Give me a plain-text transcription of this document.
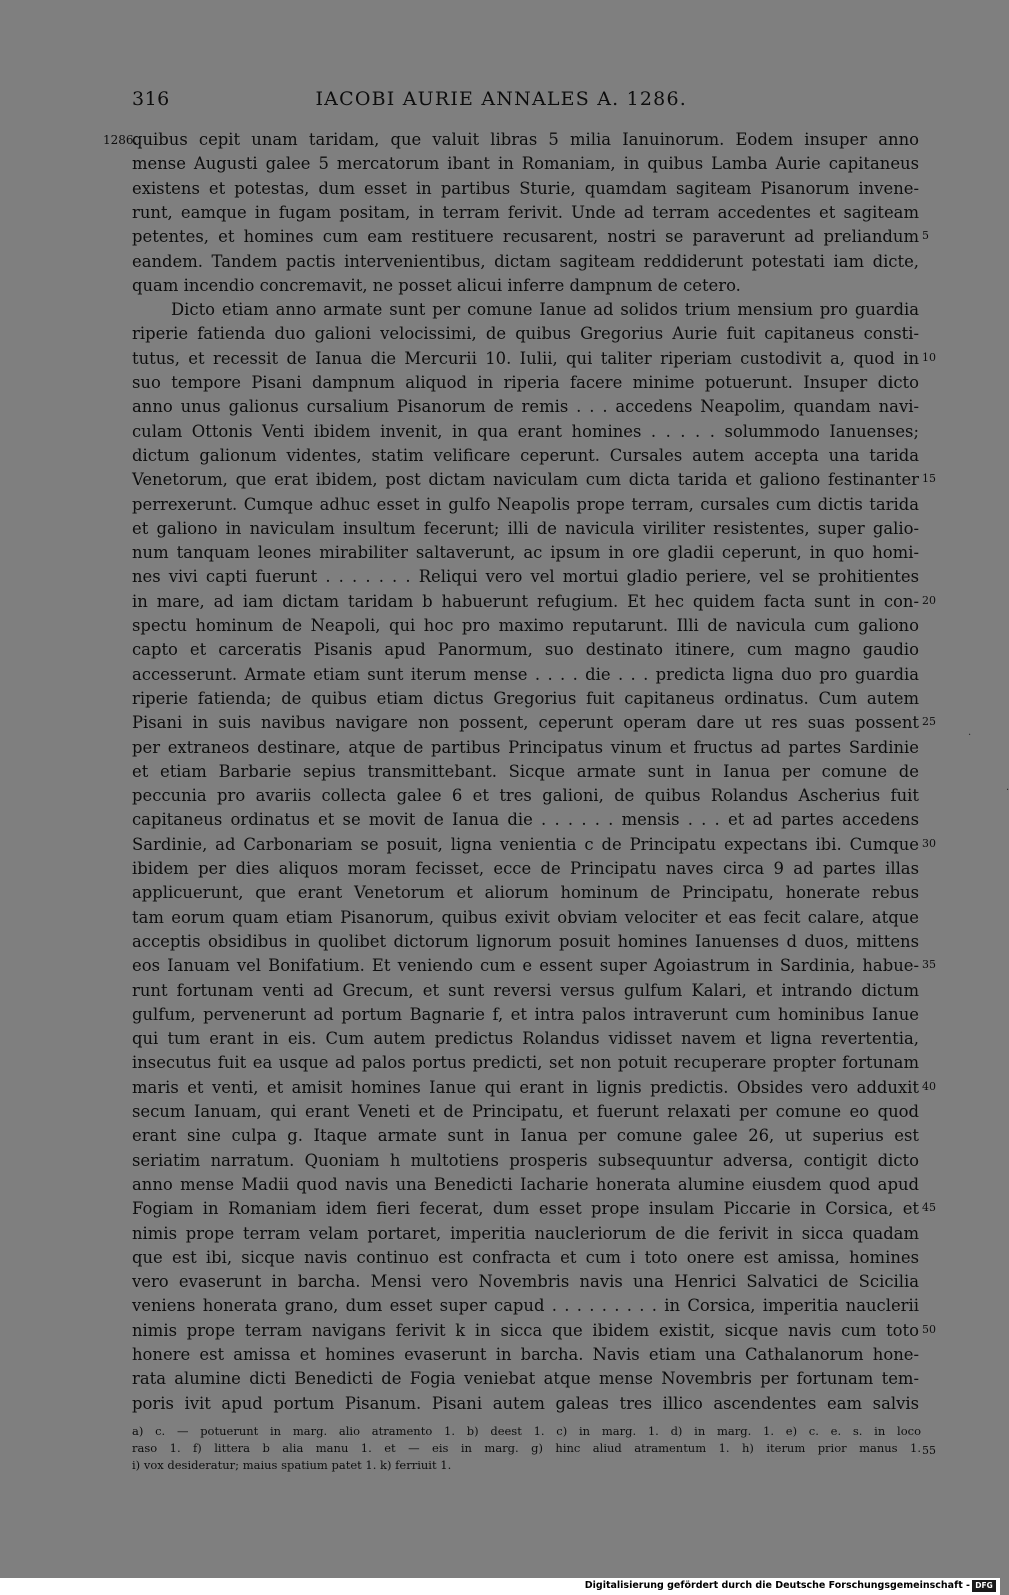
316	IACOBI AURIE ANNALES A. 1286.
1286.
quibus cepit unam taridam, que valuit libras 5 milia Ianuinorum. Eodem insuper anno
mense Augusti galee 5 mercatorum ibant in Romaniam, in quibus Lamba Aurie capitaneus
existens et potestas, dum esset in partibus Sturie, quamdam sagiteam Pisanorum invene-
runt, eamque in fugam positam, in terram ferivit. Unde ad terram accedentes et sagiteam
petentes, et homines cum eam restituere recusarent, nostri se paraverunt ad preliandum
eandem. Tandem pactis intervenientibus, dictam sagiteam reddiderunt potestati iam dicte,
quam incendio concremavit, ne posset alicui inferre dampnum de cetero.
Dicto etiam anno armate sunt per comune Ianue ad solidos trium mensium pro guardia
riperie fatienda duo galioni velocissimi, de quibus Gregorius Aurie fuit capitaneus consti-
tutus, et recessit de Ianua die Mercurii 10. Iulii, qui taliter riperiam custodivit a, quod in
suo tempore Pisani dampnum aliquod in riperia facere minime potuerunt. Insuper dicto
anno unus galionus cursalium Pisanorum de remis . . . accedens Neapolim, quandam navi-
culam Ottonis Venti ibidem invenit, in qua erant homines . . . . . solummodo Ianuenses;
dictum galionum videntes, statim velificare ceperunt. Cursales autem accepta una tarida
Venetorum, que erat ibidem, post dictam naviculam cum dicta tarida et galiono festinanter
perrexerunt. Cumque adhuc esset in gulfo Neapolis prope terram, cursales cum dictis tarida
et galiono in naviculam insultum fecerunt; illi de navicula viriliter resistentes, super galio-
num tanquam leones mirabiliter saltaverunt, ac ipsum in ore gladii ceperunt, in quo homi-
nes vivi capti fuerunt . . . . . . . Reliqui vero vel mortui gladio periere, vel se prohitientes
in mare, ad iam dictam taridam b habuerunt refugium. Et hec quidem facta sunt in con-
spectu hominum de Neapoli, qui hoc pro maximo reputarunt. Illi de navicula cum galiono
capto et carceratis Pisanis apud Panormum, suo destinato itinere, cum magno gaudio
accesserunt. Armate etiam sunt iterum mense . . . . die . . . predicta ligna duo pro guardia
riperie fatienda; de quibus etiam dictus Gregorius fuit capitaneus ordinatus. Cum autem
Pisani in suis navibus navigare non possent, ceperunt operam dare ut res suas possent
per extraneos destinare, atque de partibus Principatus vinum et fructus ad partes Sardinie
et etiam Barbarie sepius transmittebant. Sicque armate sunt in Ianua per comune de
peccunia pro avariis collecta galee 6 et tres galioni, de quibus Rolandus Ascherius fuit
capitaneus ordinatus et se movit de Ianua die . . . . . . mensis . . . et ad partes accedens
Sardinie, ad Carbonariam se posuit, ligna venientia c de Principatu expectans ibi. Cumque
ibidem per dies aliquos moram fecisset, ecce de Principatu naves circa 9 ad partes illas
applicuerunt, que erant Venetorum et aliorum hominum de Principatu, honerate rebus
tam eorum quam etiam Pisanorum, quibus exivit obviam velociter et eas fecit calare, atque
acceptis obsidibus in quolibet dictorum lignorum posuit homines Ianuenses d duos, mittens
eos Ianuam vel Bonifatium. Et veniendo cum e essent super Agoiastrum in Sardinia, habue-
runt fortunam venti ad Grecum, et sunt reversi versus gulfum Kalari, et intrando dictum
gulfum, pervenerunt ad portum Bagnarie f, et intra palos intraverunt cum hominibus Ianue
qui tum erant in eis. Cum autem predictus Rolandus vidisset navem et ligna revertentia,
insecutus fuit ea usque ad palos portus predicti, set non potuit recuperare propter fortunam
maris et venti, et amisit homines Ianue qui erant in lignis predictis. Obsides vero adduxit
secum Ianuam, qui erant Veneti et de Principatu, et fuerunt relaxati per comune eo quod
erant sine culpa g. Itaque armate sunt in Ianua per comune galee 26, ut superius est
seriatim narratum. Quoniam h multotiens prosperis subsequuntur adversa, contigit dicto
anno mense Madii quod navis una Benedicti Iacharie honerata alumine eiusdem quod apud
Fogiam in Romaniam idem fieri fecerat, dum esset prope insulam Piccarie in Corsica, et
nimis prope terram velam portaret, imperitia naucleriorum de die ferivit in sicca quadam
que est ibi, sicque navis continuo est confracta et cum i toto onere est amissa, homines
vero evaserunt in barcha. Mensi vero Novembris navis una Henrici Salvatici de Scicilia
veniens honerata grano, dum esset super capud . . . . . . . . . in Corsica, imperitia nauclerii
nimis prope terram navigans ferivit k in sicca que ibidem existit, sicque navis cum toto
honere est amissa et homines evaserunt in barcha. Navis etiam una Cathalanorum hone-
rata alumine dicti Benedicti de Fogia veniebat atque mense Novembris per fortunam tem-
poris ivit apud portum Pisanum. Pisani autem galeas tres illico ascendentes eam salvis
5
10
15
20
25
30
35
40
45
50
a) c. — potuerunt in marg. alio atramento 1. b) deest 1. c) in marg. 1. d) in marg. 1. e) c. e. s. in loco
raso 1. f) littera b alia manu 1. et — eis in marg. g) hinc aliud atramentum 1. h) iterum prior manus 1.
i) vox desideratur; maius spatium patet 1. k) ferriuit 1.
55
·
·
Digitalisierung gefördert durch die Deutsche Forschungsgemeinschaft - DFG
